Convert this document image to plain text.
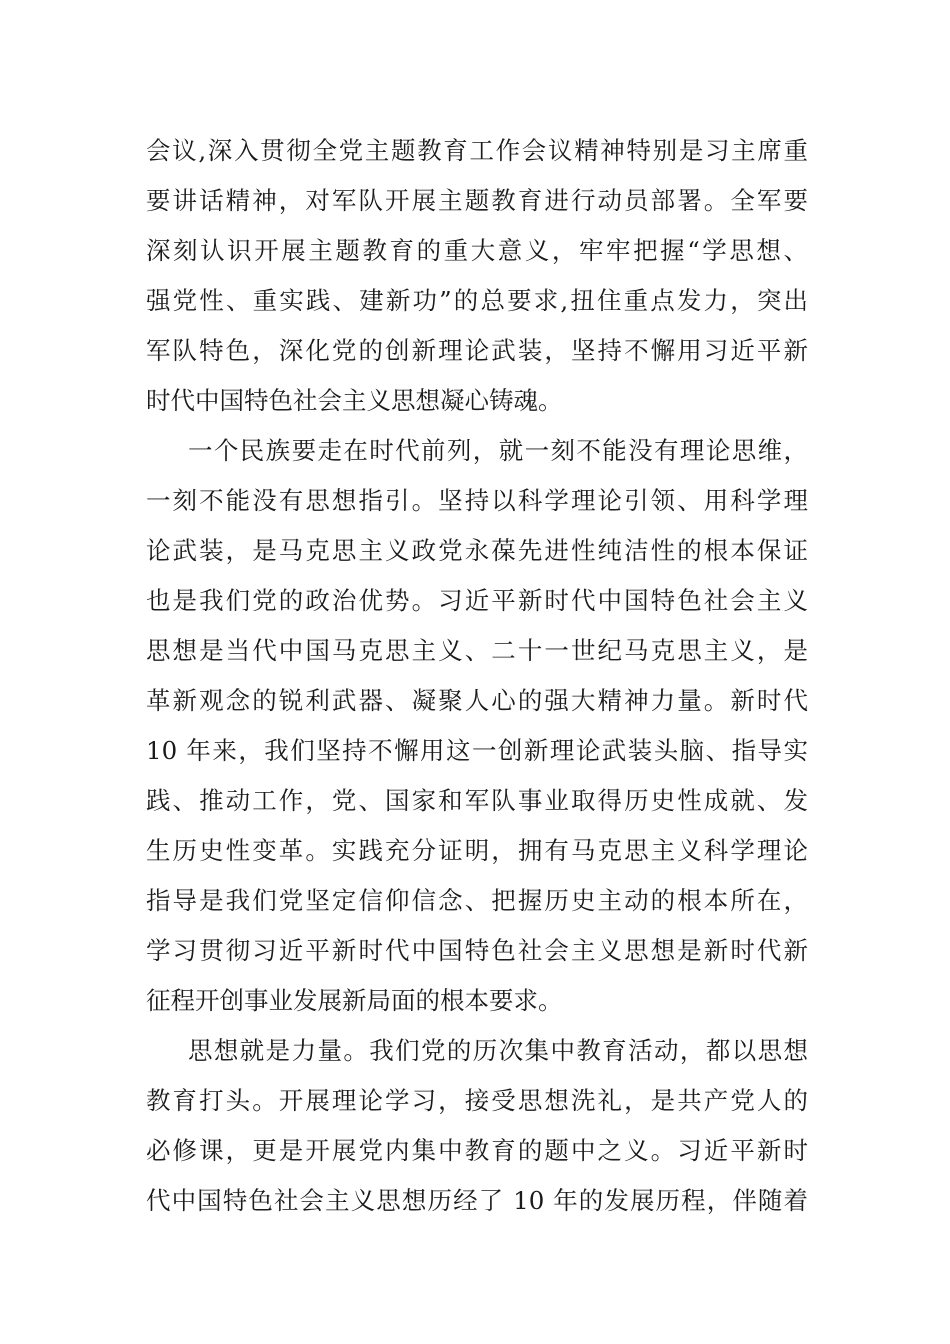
会议,深入贯彻全党主题教育工作会议精神特别是习主席重
要讲话精神，对军队开展主题教育进行动员部署。全军要
深刻认识开展主题教育的重大意义，牢牢把握“学思想、
强党性、重实践、建新功”的总要求,扭住重点发力，突出
军队特色，深化党的创新理论武装，坚持不懈用习近平新
时代中国特色社会主义思想凝心铸魂。
一个民族要走在时代前列，就一刻不能没有理论思维，
一刻不能没有思想指引。坚持以科学理论引领、用科学理
论武装，是马克思主义政党永葆先进性纯洁性的根本保证
也是我们党的政治优势。习近平新时代中国特色社会主义
思想是当代中国马克思主义、二十一世纪马克思主义，是
革新观念的锐利武器、凝聚人心的强大精神力量。新时代
10 年来，我们坚持不懈用这一创新理论武装头脑、指导实
践、推动工作，党、国家和军队事业取得历史性成就、发
生历史性变革。实践充分证明，拥有马克思主义科学理论
指导是我们党坚定信仰信念、把握历史主动的根本所在，
学习贯彻习近平新时代中国特色社会主义思想是新时代新
征程开创事业发展新局面的根本要求。
思想就是力量。我们党的历次集中教育活动，都以思想
教育打头。开展理论学习，接受思想洗礼，是共产党人的
必修课，更是开展党内集中教育的题中之义。习近平新时
代中国特色社会主义思想历经了 10 年的发展历程，伴随着
